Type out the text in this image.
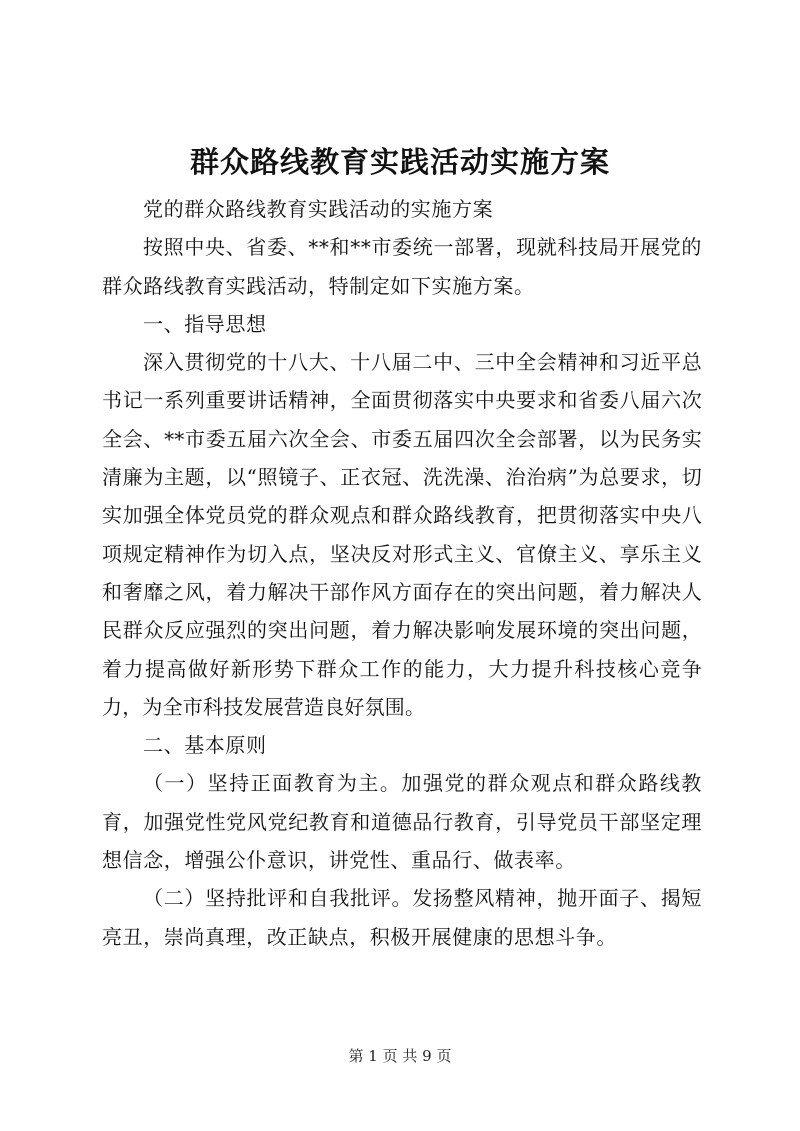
群众路线教育实践活动实施方案

党的群众路线教育实践活动的实施方案

按照中央、省委、**和**市委统一部署，现就科技局开展党的群众路线教育实践活动，特制定如下实施方案。

一、指导思想

深入贯彻党的十八大、十八届二中、三中全会精神和习近平总书记一系列重要讲话精神，全面贯彻落实中央要求和省委八届六次全会、**市委五届六次全会、市委五届四次全会部署，以为民务实清廉为主题，以“照镜子、正衣冠、洗洗澡、治治病”为总要求，切实加强全体党员党的群众观点和群众路线教育，把贯彻落实中央八项规定精神作为切入点，坚决反对形式主义、官僚主义、享乐主义和奢靡之风，着力解决干部作风方面存在的突出问题，着力解决人民群众反应强烈的突出问题，着力解决影响发展环境的突出问题，着力提高做好新形势下群众工作的能力，大力提升科技核心竞争力，为全市科技发展营造良好氛围。

二、基本原则

（一）坚持正面教育为主。加强党的群众观点和群众路线教育，加强党性党风党纪教育和道德品行教育，引导党员干部坚定理想信念，增强公仆意识，讲党性、重品行、做表率。

（二）坚持批评和自我批评。发扬整风精神，抛开面子、揭短亮丑，崇尚真理，改正缺点，积极开展健康的思想斗争。

第 1 页 共 9 页
